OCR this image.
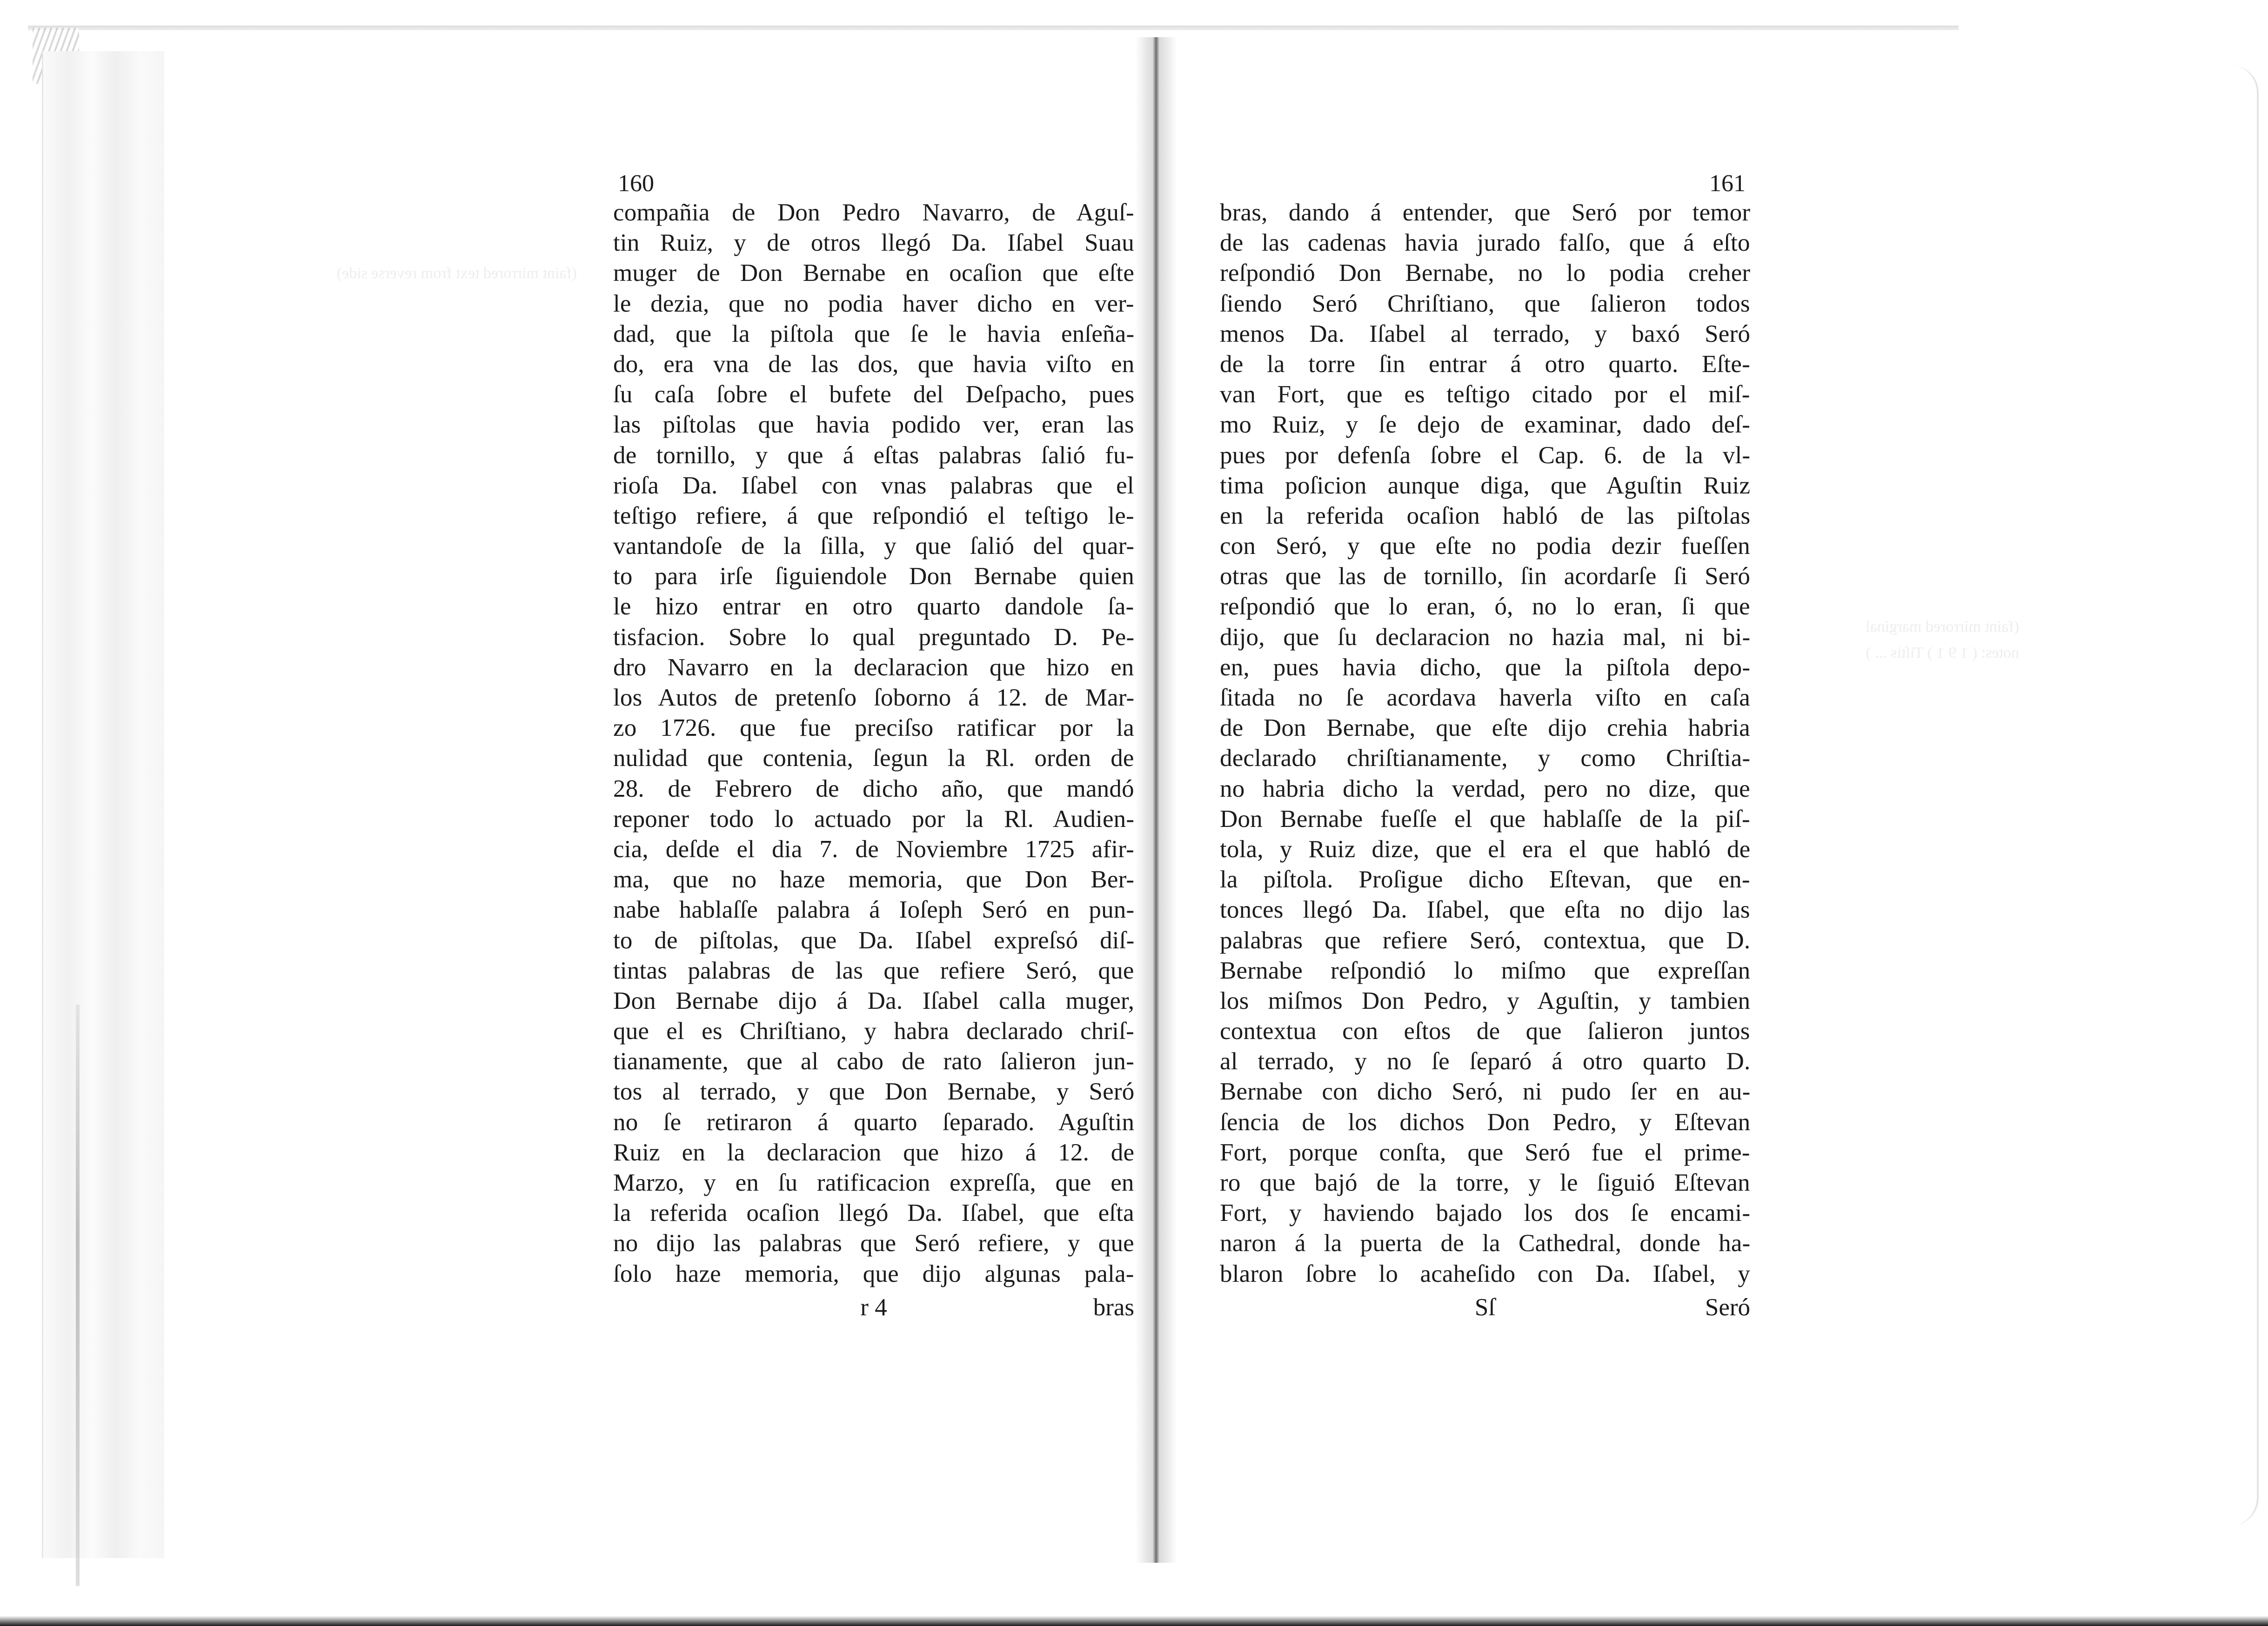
(faint mirrored text from reverse side)
(faint mirrored marginal notes: ( 1 9 1 ) Tiſtis ... )
160
compañia de Don Pedro Navarro, de Aguſ-
tin Ruiz, y de otros llegó Da. Iſabel Suau
muger de Don Bernabe en ocaſion que eſte
le dezia, que no podia haver dicho en ver-
dad, que la piſtola que ſe le havia enſeña-
do, era vna de las dos, que havia viſto en
ſu caſa ſobre el bufete del Deſpacho, pues
las piſtolas que havia podido ver, eran las
de tornillo, y que á eſtas palabras ſalió fu-
rioſa Da. Iſabel con vnas palabras que el
teſtigo refiere, á que reſpondió el teſtigo le-
vantandoſe de la ſilla, y que ſalió del quar-
to para irſe ſiguiendole Don Bernabe quien
le hizo entrar en otro quarto dandole ſa-
tisfacion. Sobre lo qual preguntado D. Pe-
dro Navarro en la declaracion que hizo en
los Autos de pretenſo ſoborno á 12. de Mar-
zo 1726. que fue preciſso ratificar por la
nulidad que contenia, ſegun la Rl. orden de
28. de Febrero de dicho año, que mandó
reponer todo lo actuado por la Rl. Audien-
cia, deſde el dia 7. de Noviembre 1725 afir-
ma, que no haze memoria, que Don Ber-
nabe hablaſſe palabra á Ioſeph Seró en pun-
to de piſtolas, que Da. Iſabel expreſsó diſ-
tintas palabras de las que refiere Seró, que
Don Bernabe dijo á Da. Iſabel calla muger,
que el es Chriſtiano, y habra declarado chriſ-
tianamente, que al cabo de rato ſalieron jun-
tos al terrado, y que Don Bernabe, y Seró
no ſe retiraron á quarto ſeparado. Aguſtin
Ruiz en la declaracion que hizo á 12. de
Marzo, y en ſu ratificacion expreſſa, que en
la referida ocaſion llegó Da. Iſabel, que eſta
no dijo las palabras que Seró refiere, y que
ſolo haze memoria, que dijo algunas pala-
r 4	bras
161
bras, dando á entender, que Seró por temor
de las cadenas havia jurado falſo, que á eſto
reſpondió Don Bernabe, no lo podia creher
ſiendo Seró Chriſtiano, que ſalieron todos
menos Da. Iſabel al terrado, y baxó Seró
de la torre ſin entrar á otro quarto. Eſte-
van Fort, que es teſtigo citado por el miſ-
mo Ruiz, y ſe dejo de examinar, dado deſ-
pues por defenſa ſobre el Cap. 6. de la vl-
tima poſicion aunque diga, que Aguſtin Ruiz
en la referida ocaſion habló de las piſtolas
con Seró, y que eſte no podia dezir fueſſen
otras que las de tornillo, ſin acordarſe ſi Seró
reſpondió que lo eran, ó, no lo eran, ſi que
dijo, que ſu declaracion no hazia mal, ni bi-
en, pues havia dicho, que la piſtola depo-
ſitada no ſe acordava haverla viſto en caſa
de Don Bernabe, que eſte dijo crehia habria
declarado chriſtianamente, y como Chriſtia-
no habria dicho la verdad, pero no dize, que
Don Bernabe fueſſe el que hablaſſe de la piſ-
tola, y Ruiz dize, que el era el que habló de
la piſtola. Proſigue dicho Eſtevan, que en-
tonces llegó Da. Iſabel, que eſta no dijo las
palabras que refiere Seró, contextua, que D.
Bernabe reſpondió lo miſmo que expreſſan
los miſmos Don Pedro, y Aguſtin, y tambien
contextua con eſtos de que ſalieron juntos
al terrado, y no ſe ſeparó á otro quarto D.
Bernabe con dicho Seró, ni pudo ſer en au-
ſencia de los dichos Don Pedro, y Eſtevan
Fort, porque conſta, que Seró fue el prime-
ro que bajó de la torre, y le ſiguió Eſtevan
Fort, y haviendo bajado los dos ſe encami-
naron á la puerta de la Cathedral, donde ha-
blaron ſobre lo acaheſido con Da. Iſabel, y
Sſ	Seró
